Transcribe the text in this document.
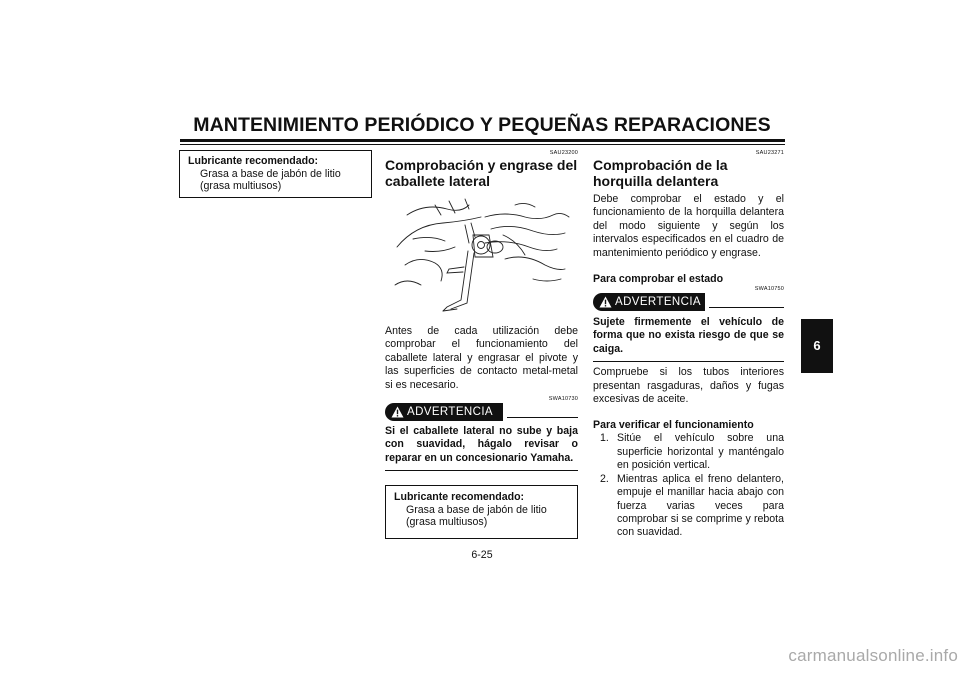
MANTENIMIENTO PERIÓDICO Y PEQUEÑAS REPARACIONES
Lubricante recomendado:
Grasa a base de jabón de litio (grasa multiusos)
SAU23200
Comprobación y engrase del caballete lateral
Antes de cada utilización debe comprobar el funcionamiento del caballete lateral y engrasar el pivote y las superficies de contacto metal-metal si es necesario.
SWA10730
ADVERTENCIA
Si el caballete lateral no sube y baja con suavidad, hágalo revisar o reparar en un concesionario Yamaha.
Lubricante recomendado:
Grasa a base de jabón de litio (grasa multiusos)
SAU23271
Comprobación de la horquilla delantera
Debe comprobar el estado y el funcionamiento de la horquilla delantera del modo siguiente y según los intervalos especificados en el cuadro de mantenimiento periódico y engrase.
Para comprobar el estado
SWA10750
ADVERTENCIA
Sujete firmemente el vehículo de forma que no exista riesgo de que se caiga.
Compruebe si los tubos interiores presentan rasgaduras, daños y fugas excesivas de aceite.
Para verificar el funcionamiento
1. Sitúe el vehículo sobre una superficie horizontal y manténgalo en posición vertical.
2. Mientras aplica el freno delantero, empuje el manillar hacia abajo con fuerza varias veces para comprobar si se comprime y rebota con suavidad.
6
6-25
carmanualsonline.info
